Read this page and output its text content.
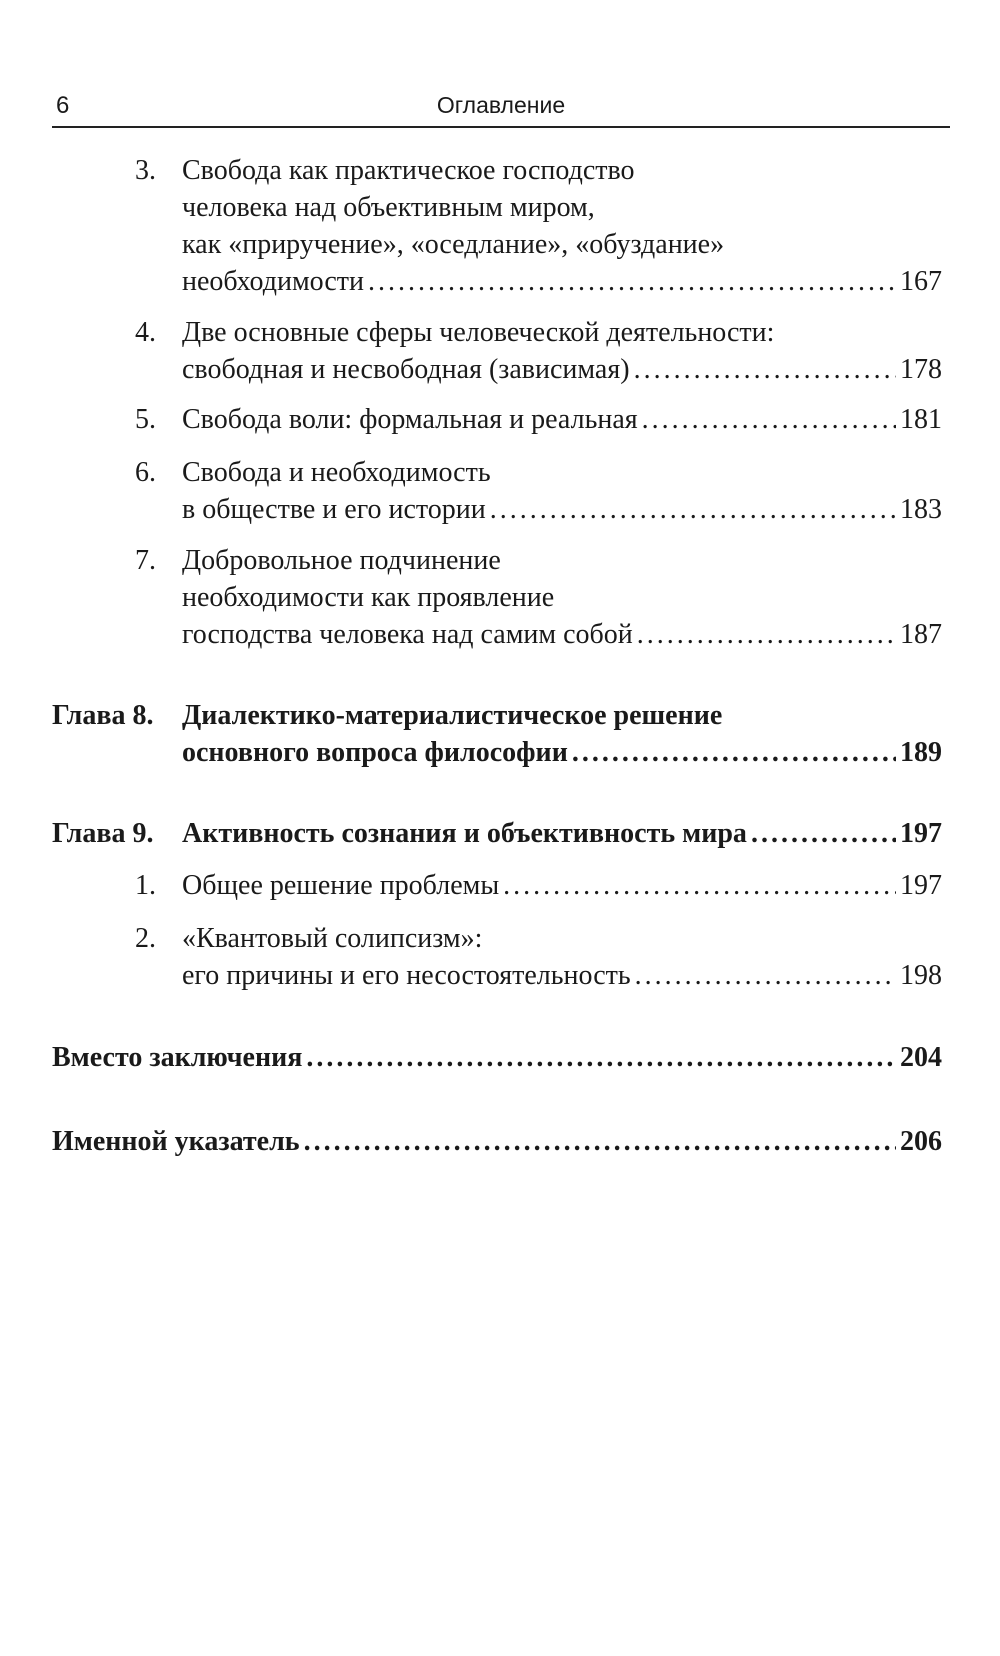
6	Оглавление
3. Свобода как практическое господство
человека над объективным миром,
как «приручение», «оседлание», «обуздание»
необходимости . . .	167
4. Две основные сферы человеческой деятельности:
свободная и несвободная (зависимая) . . .	178
5. Свобода воли: формальная и реальная . . .	181
6. Свобода и необходимость
в обществе и его истории . . .	183
7. Добровольное подчинение
необходимости как проявление
господства человека над самим собой . . .	187
Глава 8.	Диалектико-материалистическое решение
основного вопроса философии . . .	189
Глава 9.	Активность сознания и объективность мира . . .	197
1. Общее решение проблемы . . .	197
2. «Квантовый солипсизм»:
его причины и его несостоятельность . . .	198
Вместо заключения . . .	204
Именной указатель . . .	206
